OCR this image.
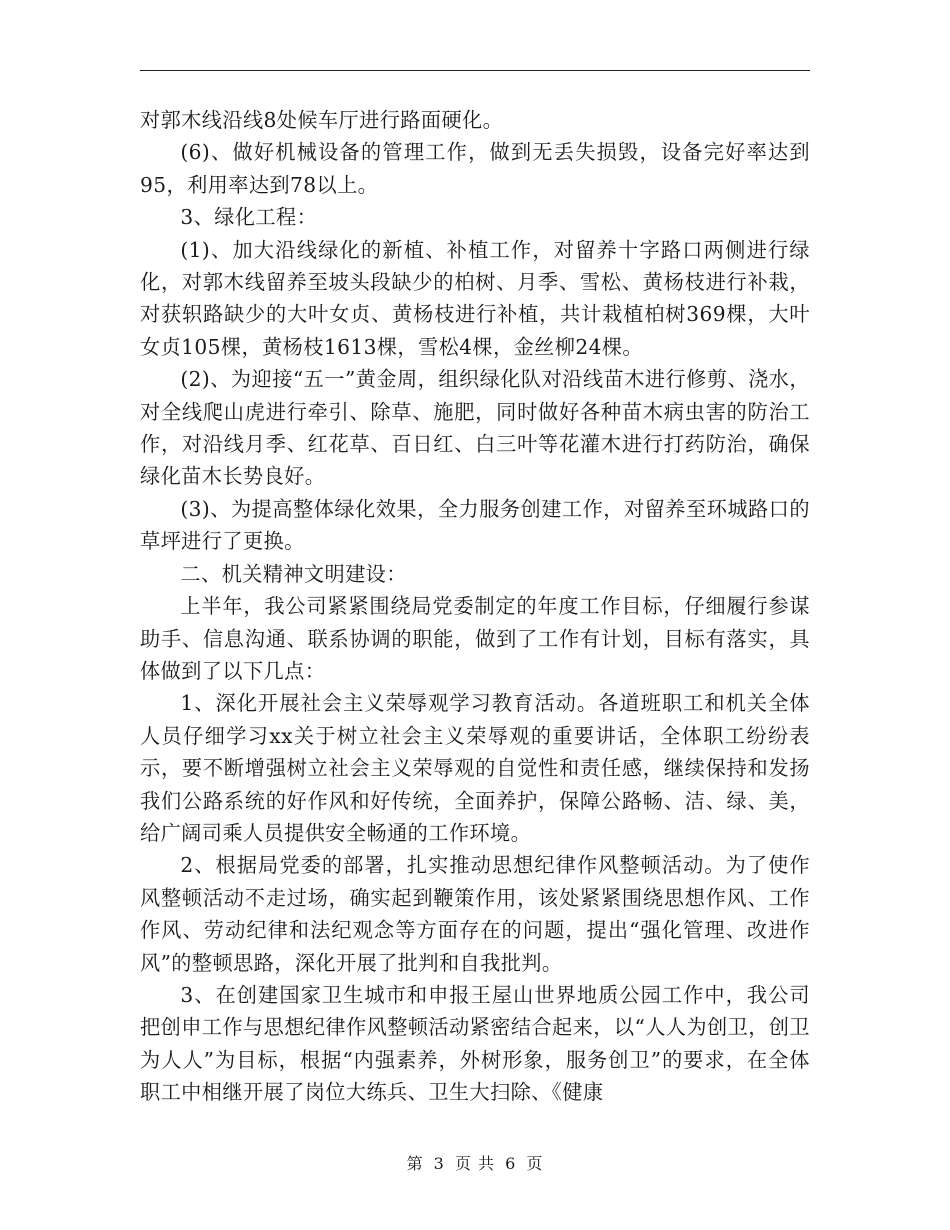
对郭木线沿线8处候车厅进行路面硬化。

(6)、做好机械设备的管理工作，做到无丢失损毁，设备完好率达到95，利用率达到78以上。

3、绿化工程：

(1)、加大沿线绿化的新植、补植工作，对留养十字路口两侧进行绿化，对郭木线留养至坡头段缺少的柏树、月季、雪松、黄杨枝进行补栽，对获轵路缺少的大叶女贞、黄杨枝进行补植，共计栽植柏树369棵，大叶女贞105棵，黄杨枝1613棵，雪松4棵，金丝柳24棵。

(2)、为迎接“五一”黄金周，组织绿化队对沿线苗木进行修剪、浇水，对全线爬山虎进行牵引、除草、施肥，同时做好各种苗木病虫害的防治工作，对沿线月季、红花草、百日红、白三叶等花灌木进行打药防治，确保绿化苗木长势良好。

(3)、为提高整体绿化效果，全力服务创建工作，对留养至环城路口的草坪进行了更换。

二、机关精神文明建设：

上半年，我公司紧紧围绕局党委制定的年度工作目标，仔细履行参谋助手、信息沟通、联系协调的职能，做到了工作有计划，目标有落实，具体做到了以下几点：

1、深化开展社会主义荣辱观学习教育活动。各道班职工和机关全体人员仔细学习xx关于树立社会主义荣辱观的重要讲话，全体职工纷纷表示，要不断增强树立社会主义荣辱观的自觉性和责任感，继续保持和发扬我们公路系统的好作风和好传统，全面养护，保障公路畅、洁、绿、美，给广阔司乘人员提供安全畅通的工作环境。

2、根据局党委的部署，扎实推动思想纪律作风整顿活动。为了使作风整顿活动不走过场，确实起到鞭策作用，该处紧紧围绕思想作风、工作作风、劳动纪律和法纪观念等方面存在的问题，提出“强化管理、改进作风”的整顿思路，深化开展了批判和自我批判。

3、在创建国家卫生城市和申报王屋山世界地质公园工作中，我公司把创申工作与思想纪律作风整顿活动紧密结合起来，以“人人为创卫，创卫为人人”为目标，根据“内强素养，外树形象，服务创卫”的要求，在全体职工中相继开展了岗位大练兵、卫生大扫除、《健康

第 3 页 共 6 页
